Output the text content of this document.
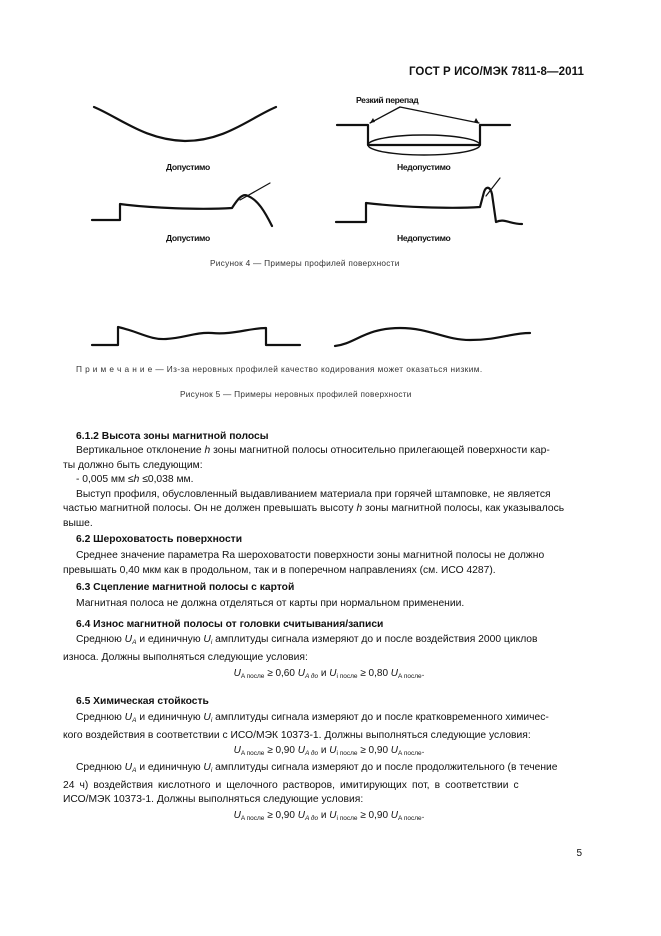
ГОСТ Р ИСО/МЭК 7811-8—2011
Резкий перепад
Допустимо	Недопустимо
Допустимо	Недопустимо
Рисунок 4 — Примеры профилей поверхности
П р и м е ч а н и е — Из-за неровных профилей качество кодирования может оказаться низким.
Рисунок 5 — Примеры неровных профилей поверхности
6.1.2 Высота зоны магнитной полосы
Вертикальное отклонение h зоны магнитной полосы относительно прилегающей поверхности кар-
ты должно быть следующим:
- 0,005 мм ≤h ≤0,038 мм.
Выступ профиля, обусловленный выдавливанием материала при горячей штамповке, не является
частью магнитной полосы. Он не должен превышать высоту h зоны магнитной полосы, как указывалось
выше.
6.2 Шероховатость поверхности
Среднее значение параметра Ra шероховатости поверхности зоны магнитной полосы не должно
превышать 0,40 мкм как в продольном, так и в поперечном направлениях (см. ИСО 4287).
6.3 Сцепление магнитной полосы с картой
Магнитная полоса не должна отделяться от карты при нормальном применении.
6.4 Износ магнитной полосы от головки считывания/записи
Среднюю $U_A$ и единичную $U_i$ амплитуды сигнала измеряют до и после воздействия 2000 циклов
износа. Должны выполняться следующие условия:
$U_{A после} \ge 0,60$ $U_{A до}$ и $U_{i после} \ge 0,80$ $U_{A после}$.
6.5 Химическая стойкость
Среднюю $U_A$ и единичную $U_i$ амплитуды сигнала измеряют до и после кратковременного химичес-
кого воздействия в соответствии с ИСО/МЭК 10373-1. Должны выполняться следующие условия:
$U_{A после} \ge 0,90$ $U_{A до}$ и $U_{i после} \ge 0,90$ $U_{A после}$.
Среднюю $U_A$ и единичную $U_i$ амплитуды сигнала измеряют до и после продолжительного (в течение
24 ч) воздействия кислотного и щелочного растворов, имитирующих пот, в соответствии с
ИСО/МЭК 10373-1. Должны выполняться следующие условия:
$U_{A после} \ge 0,90$ $U_{A до}$ и $U_{i после} \ge 0,90$ $U_{A после}$.
5
